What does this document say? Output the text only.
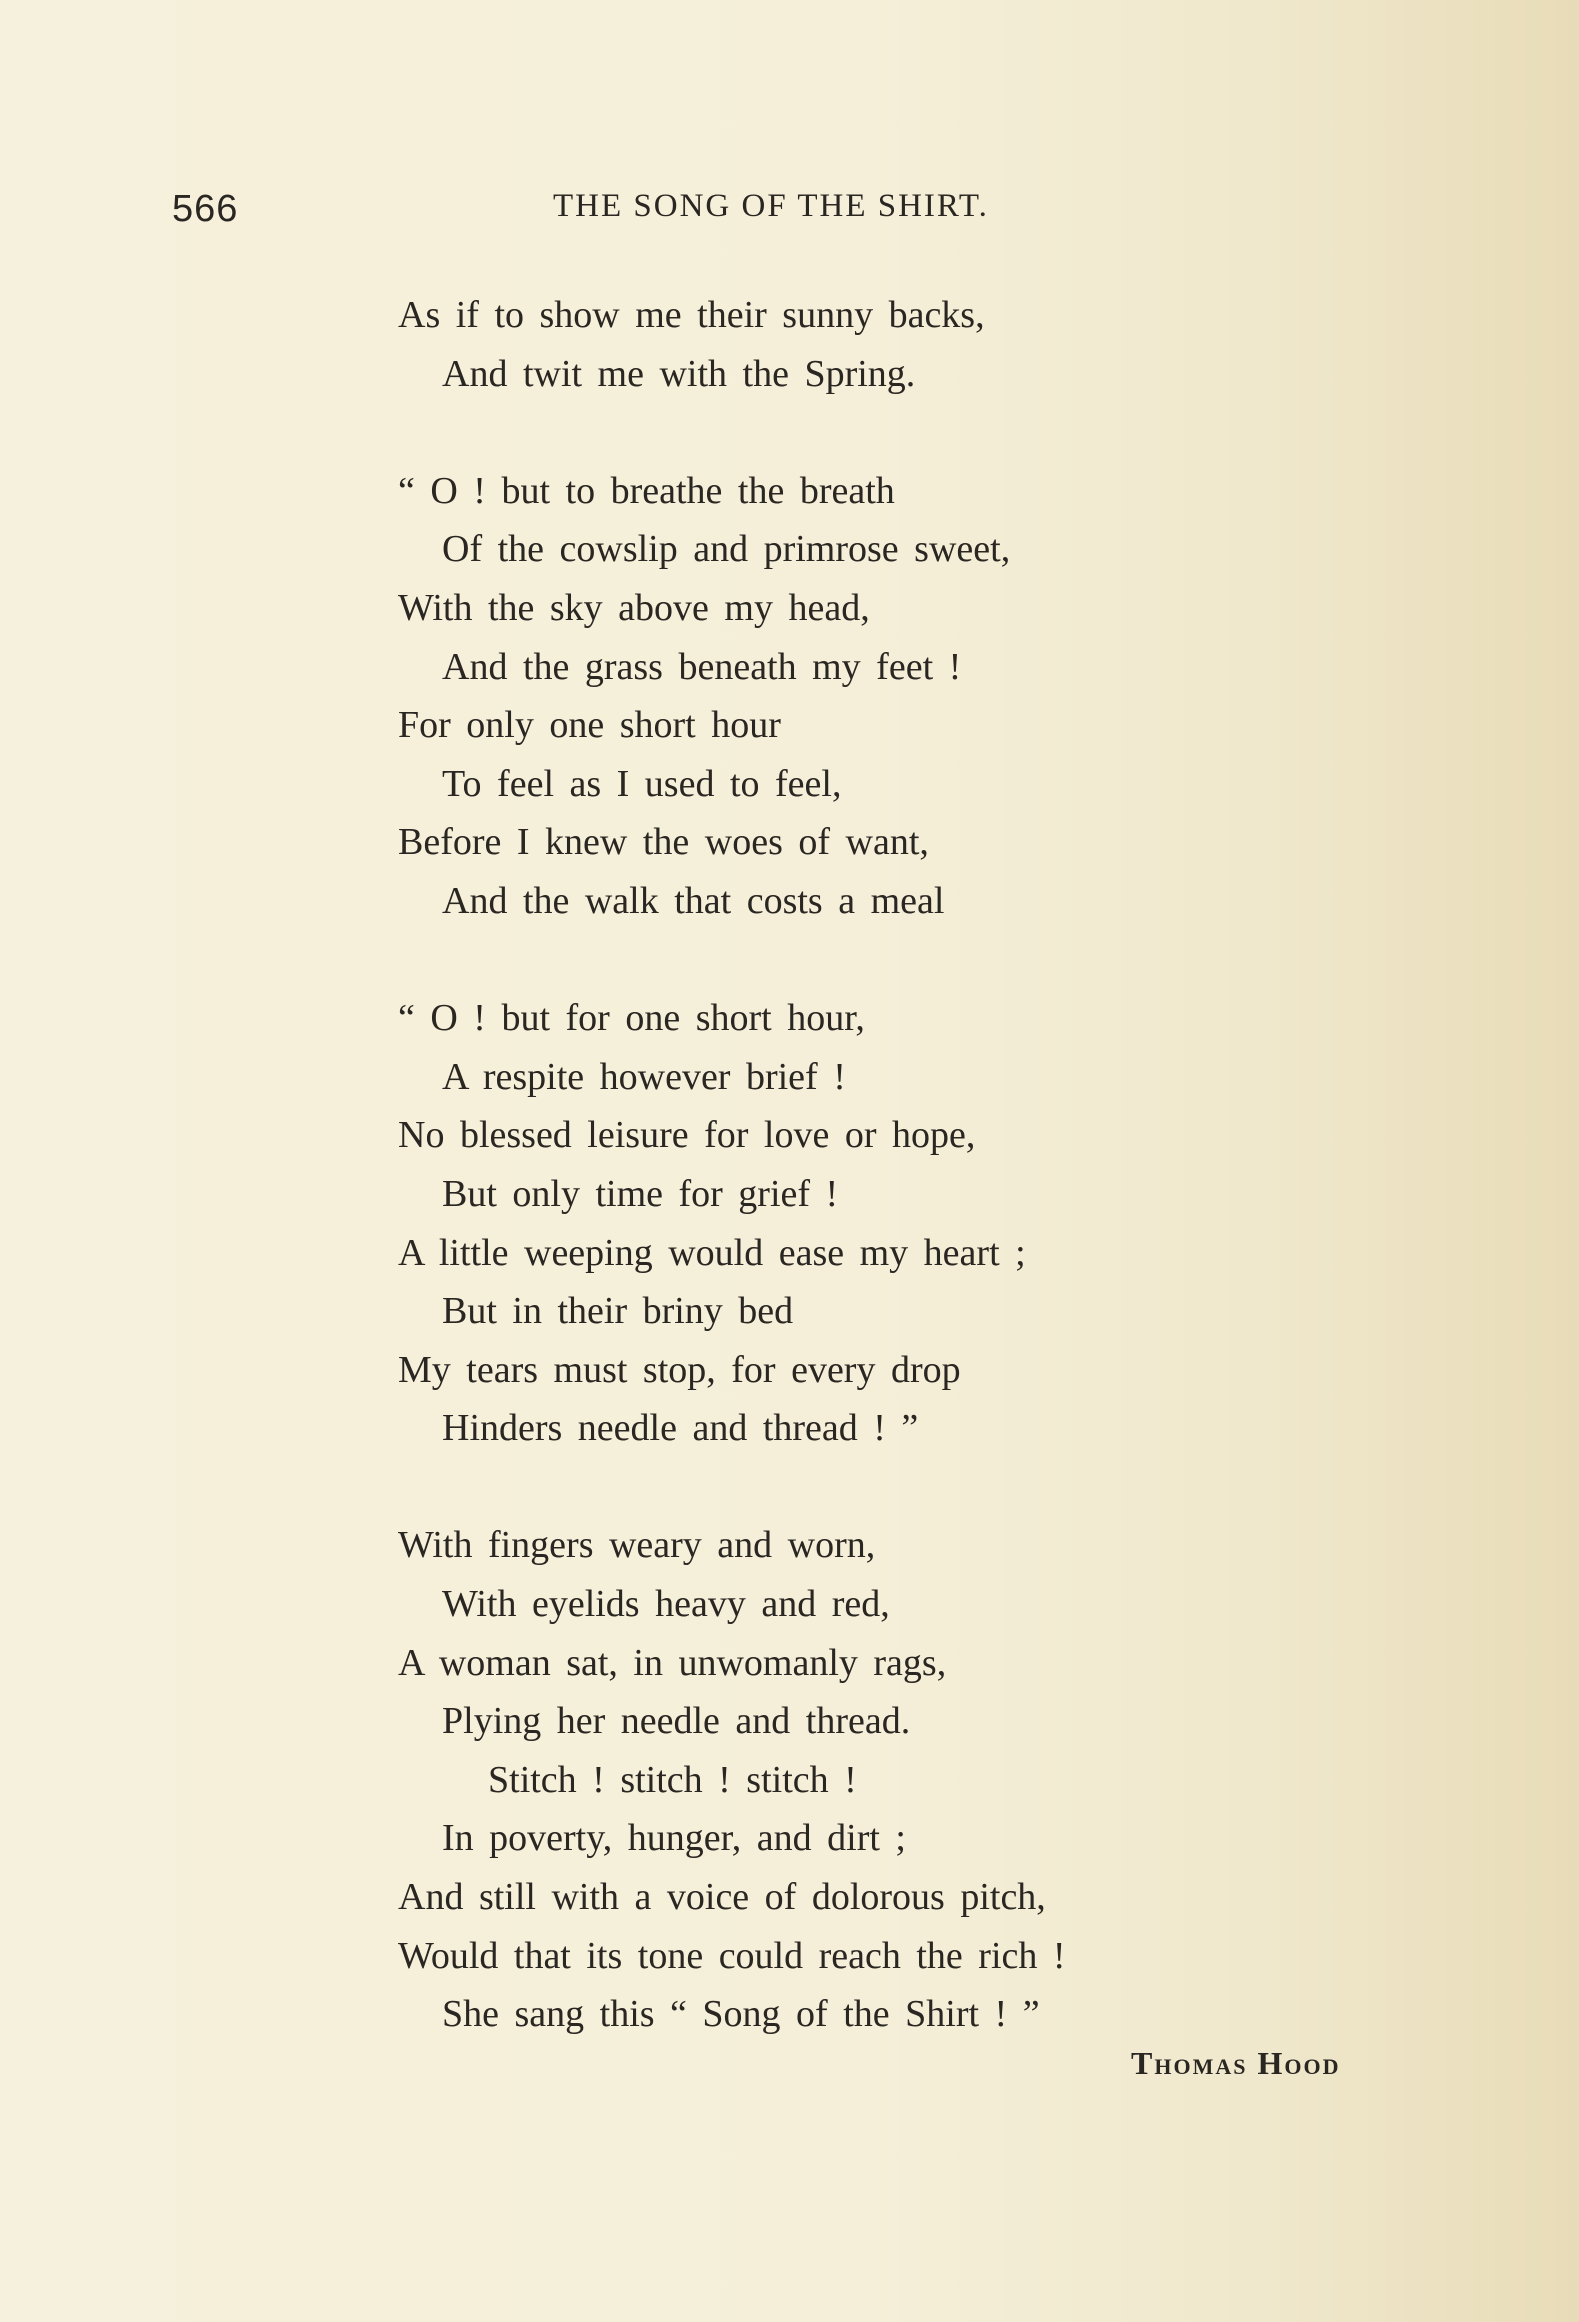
566	THE SONG OF THE SHIRT.
As if to show me their sunny backs,
And twit me with the Spring.
“ O ! but to breathe the breath
Of the cowslip and primrose sweet,
With the sky above my head,
And the grass beneath my feet !
For only one short hour
To feel as I used to feel,
Before I knew the woes of want,
And the walk that costs a meal
“ O ! but for one short hour,
A respite however brief !
No blessed leisure for love or hope,
But only time for grief !
A little weeping would ease my heart ;
But in their briny bed
My tears must stop, for every drop
Hinders needle and thread ! ”
With fingers weary and worn,
With eyelids heavy and red,
A woman sat, in unwomanly rags,
Plying her needle and thread.
Stitch ! stitch ! stitch !
In poverty, hunger, and dirt ;
And still with a voice of dolorous pitch,
Would that its tone could reach the rich !
She sang this “ Song of the Shirt ! ”
Thomas Hood
